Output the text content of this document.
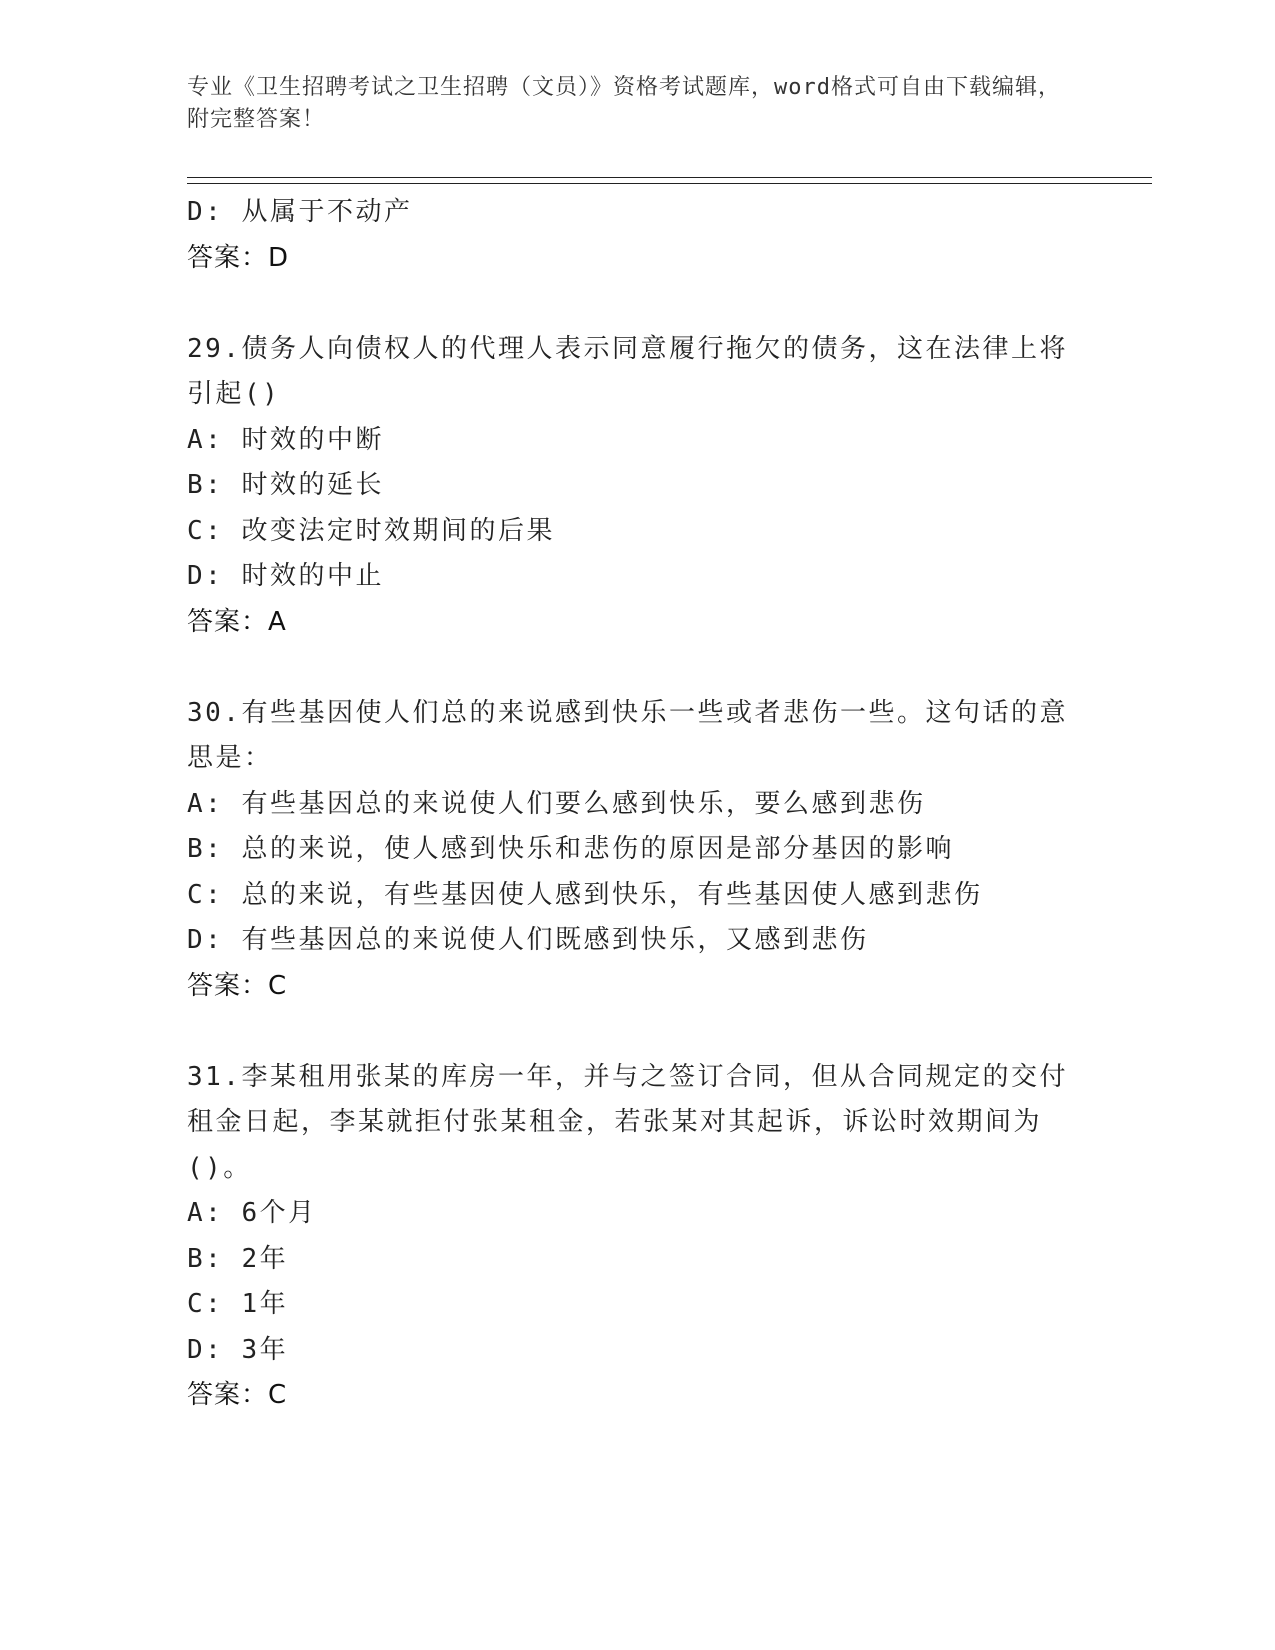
专业《卫生招聘考试之卫生招聘（文员）》资格考试题库，word格式可自由下载编辑，附完整答案！
D: 从属于不动产
答案：D
29.债务人向债权人的代理人表示同意履行拖欠的债务，这在法律上将引起()
A: 时效的中断
B: 时效的延长
C: 改变法定时效期间的后果
D: 时效的中止
答案：A
30.有些基因使人们总的来说感到快乐一些或者悲伤一些。这句话的意思是：
A: 有些基因总的来说使人们要么感到快乐，要么感到悲伤
B: 总的来说，使人感到快乐和悲伤的原因是部分基因的影响
C: 总的来说，有些基因使人感到快乐，有些基因使人感到悲伤
D: 有些基因总的来说使人们既感到快乐，又感到悲伤
答案：C
31.李某租用张某的库房一年，并与之签订合同，但从合同规定的交付租金日起，李某就拒付张某租金，若张某对其起诉，诉讼时效期间为()。
A: 6个月
B: 2年
C: 1年
D: 3年
答案：C
